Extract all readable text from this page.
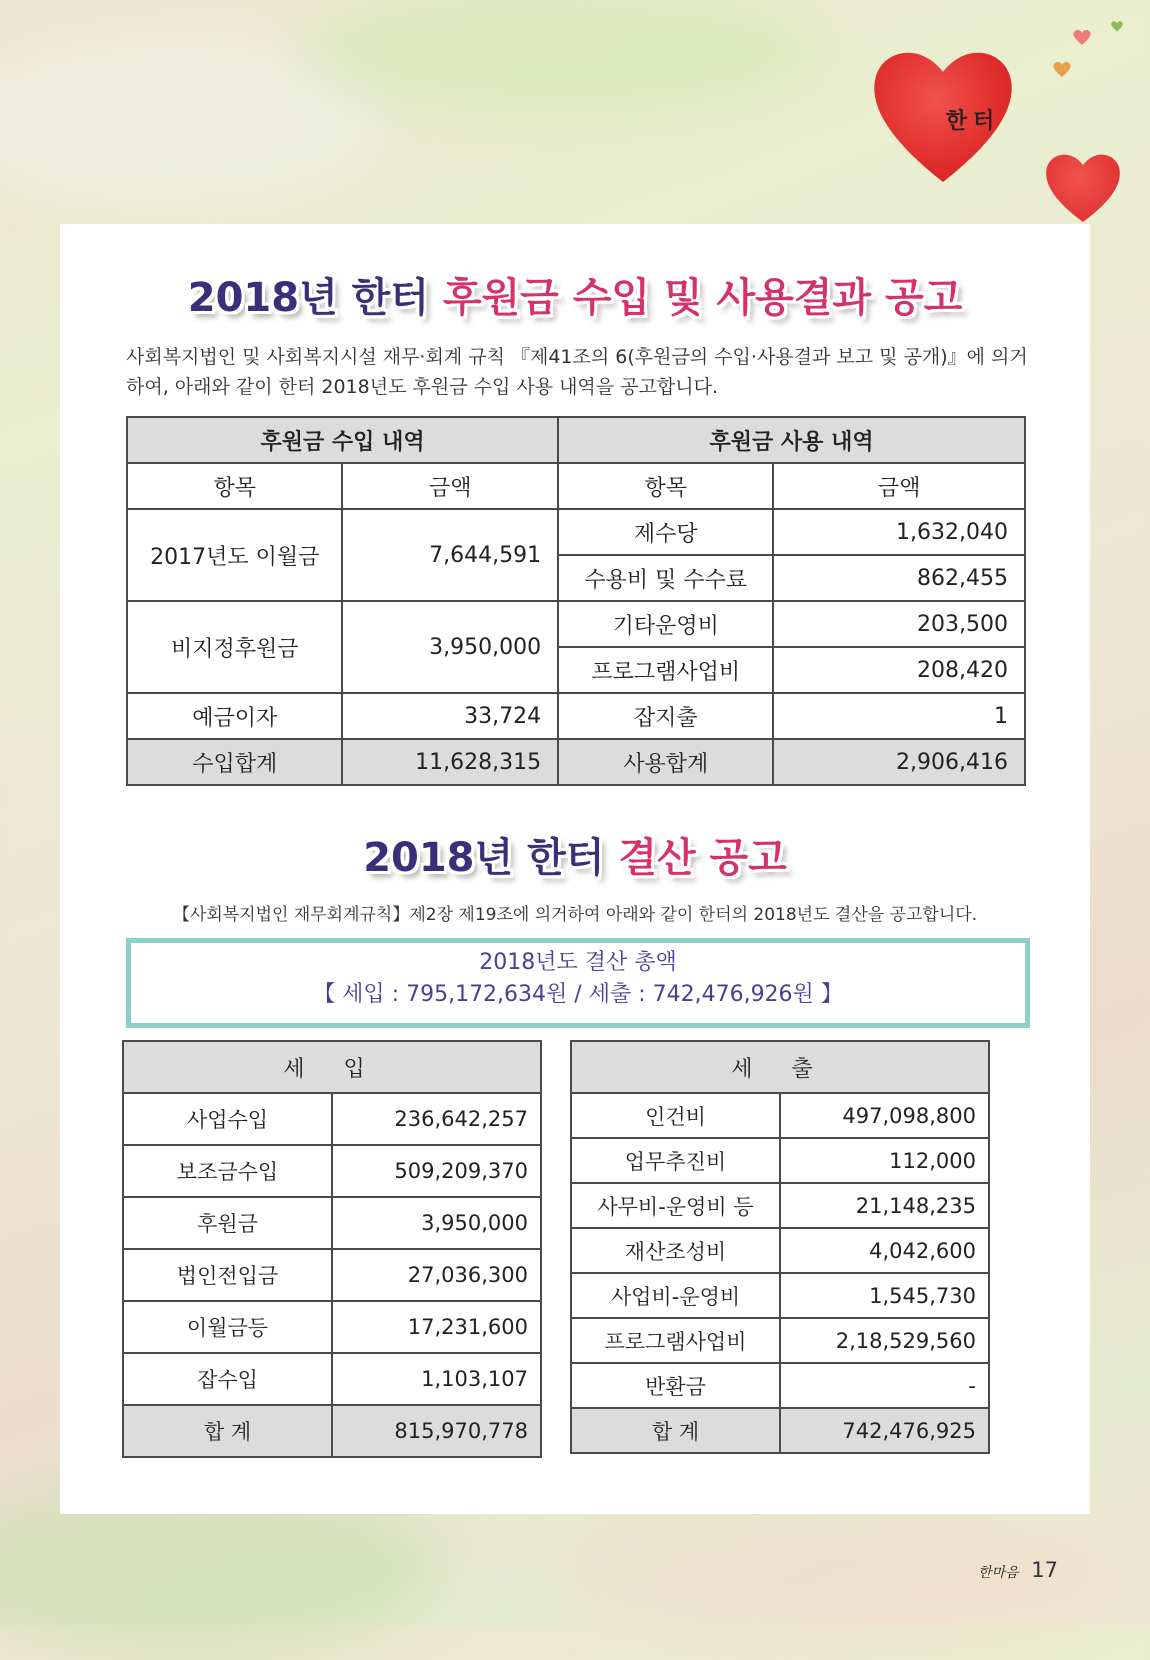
한터
2018년 한터 후원금 수입 및 사용결과 공고
사회복지법인 및 사회복지시설 재무·회계 규칙 『제41조의 6(후원금의 수입·사용결과 보고 및 공개)』에 의거하여, 아래와 같이 한터 2018년도 후원금 수입 사용 내역을 공고합니다.
후원금 수입 내역		후원금 사용 내역	
항목	금액	항목	금액
2017년도 이월금	7,644,591	제수당	1,632,040
		수용비 및 수수료	862,455
비지정후원금	3,950,000	기타운영비	203,500
		프로그램사업비	208,420
예금이자	33,724	잡지출	1
수입합계	11,628,315	사용합계	2,906,416
2018년 한터 결산 공고
【사회복지법인 재무회계규칙】제2장 제19조에 의거하여 아래와 같이 한터의 2018년도 결산을 공고합니다.
2018년도 결산 총액
【 세입 : 795,172,634원 / 세출 : 742,476,926원 】
세 입	
사업수입	236,642,257
보조금수입	509,209,370
후원금	3,950,000
법인전입금	27,036,300
이월금등	17,231,600
잡수입	1,103,107
합 계	815,970,778
세 출	
인건비	497,098,800
업무추진비	112,000
사무비-운영비 등	21,148,235
재산조성비	4,042,600
사업비-운영비	1,545,730
프로그램사업비	2,18,529,560
반환금	-
합 계	742,476,925
한마음 17
